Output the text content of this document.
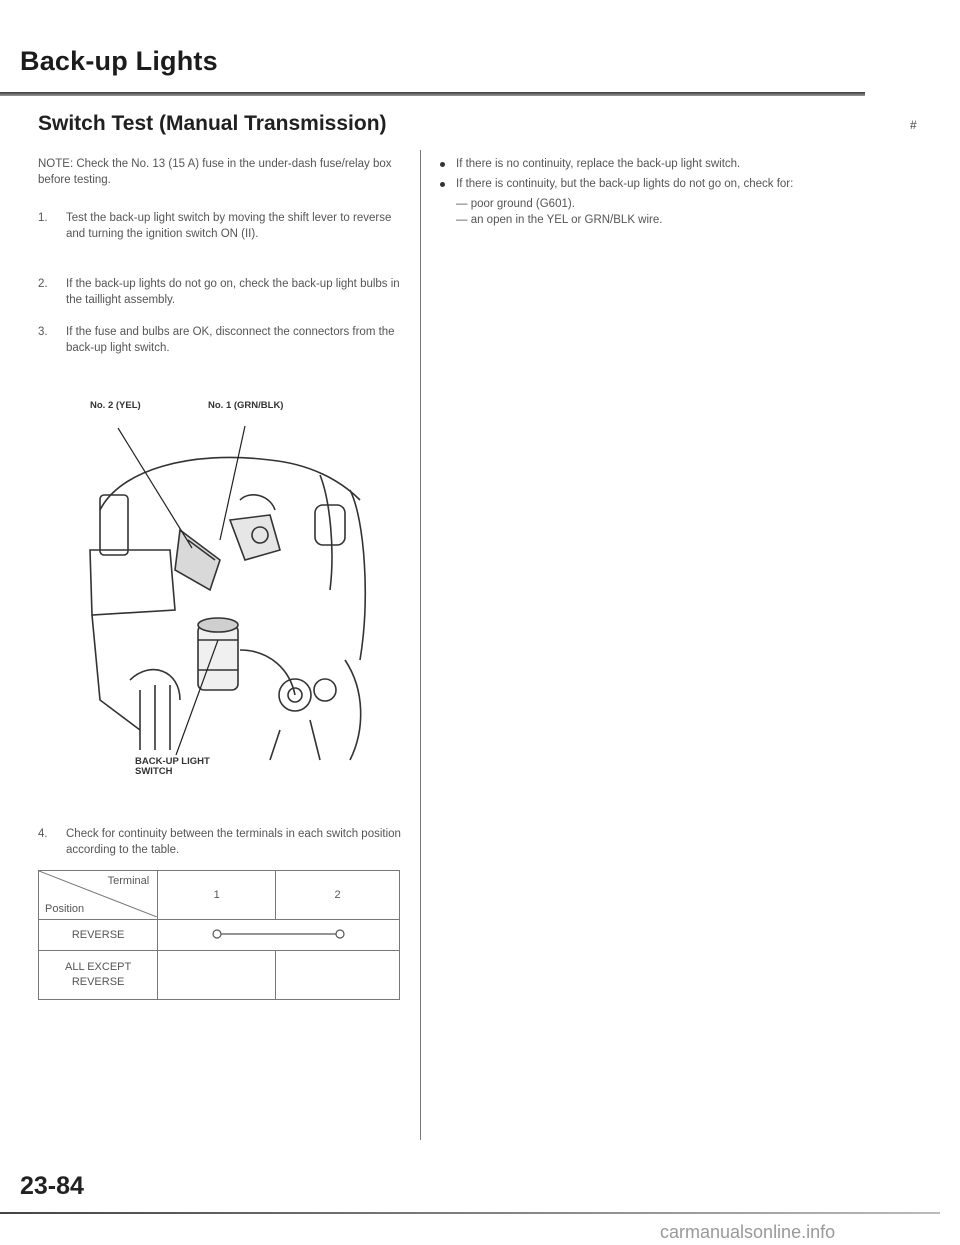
Back-up Lights
#
Switch Test (Manual Transmission)
NOTE: Check the No. 13 (15 A) fuse in the under-dash fuse/relay box before testing.
1.	Test the back-up light switch by moving the shift lever to reverse and turning the ignition switch ON (II).
2.	If the back-up lights do not go on, check the back-up light bulbs in the taillight assembly.
3.	If the fuse and bulbs are OK, disconnect the connectors from the back-up light switch.
No. 2 (YEL)	No. 1 (GRN/BLK)
BACK-UP LIGHT
SWITCH
4.	Check for continuity between the terminals in each switch position according to the table.
Terminal
Position	1	2
REVERSE	

ALL EXCEPT
REVERSE		
If there is no continuity, replace the back-up light switch.
If there is continuity, but the back-up lights do not go on, check for:
— poor ground (G601).
— an open in the YEL or GRN/BLK wire.
23-84
carmanualsonline.info
